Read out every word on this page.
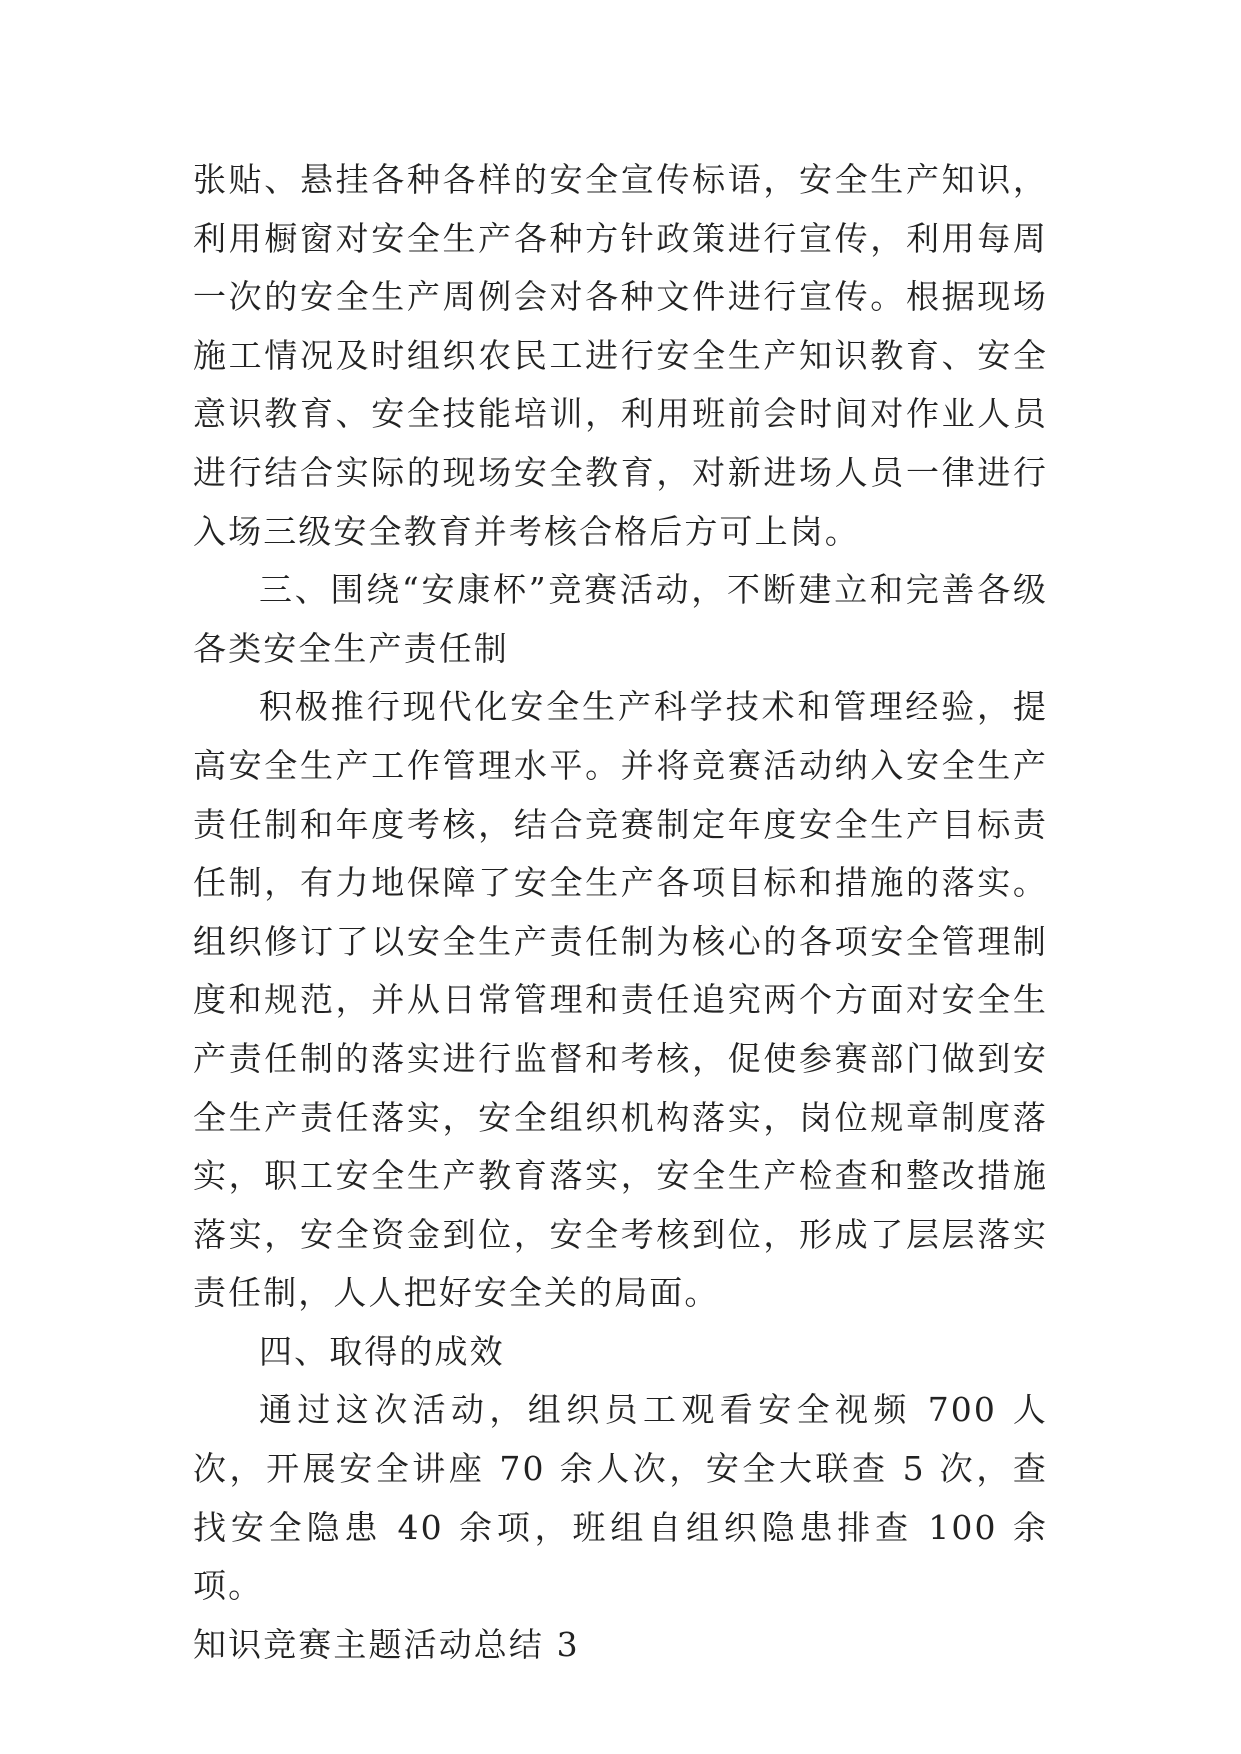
张贴、悬挂各种各样的安全宣传标语，安全生产知识，利用橱窗对安全生产各种方针政策进行宣传，利用每周一次的安全生产周例会对各种文件进行宣传。根据现场施工情况及时组织农民工进行安全生产知识教育、安全意识教育、安全技能培训，利用班前会时间对作业人员进行结合实际的现场安全教育，对新进场人员一律进行入场三级安全教育并考核合格后方可上岗。

三、围绕“安康杯”竞赛活动，不断建立和完善各级各类安全生产责任制

积极推行现代化安全生产科学技术和管理经验，提高安全生产工作管理水平。并将竞赛活动纳入安全生产责任制和年度考核，结合竞赛制定年度安全生产目标责任制，有力地保障了安全生产各项目标和措施的落实。组织修订了以安全生产责任制为核心的各项安全管理制度和规范，并从日常管理和责任追究两个方面对安全生产责任制的落实进行监督和考核，促使参赛部门做到安全生产责任落实，安全组织机构落实，岗位规章制度落实，职工安全生产教育落实，安全生产检查和整改措施落实，安全资金到位，安全考核到位，形成了层层落实责任制，人人把好安全关的局面。

四、取得的成效

通过这次活动，组织员工观看安全视频 700 人次，开展安全讲座 70 余人次，安全大联查 5 次，查找安全隐患 40 余项，班组自组织隐患排查 100 余项。

知识竞赛主题活动总结 3
